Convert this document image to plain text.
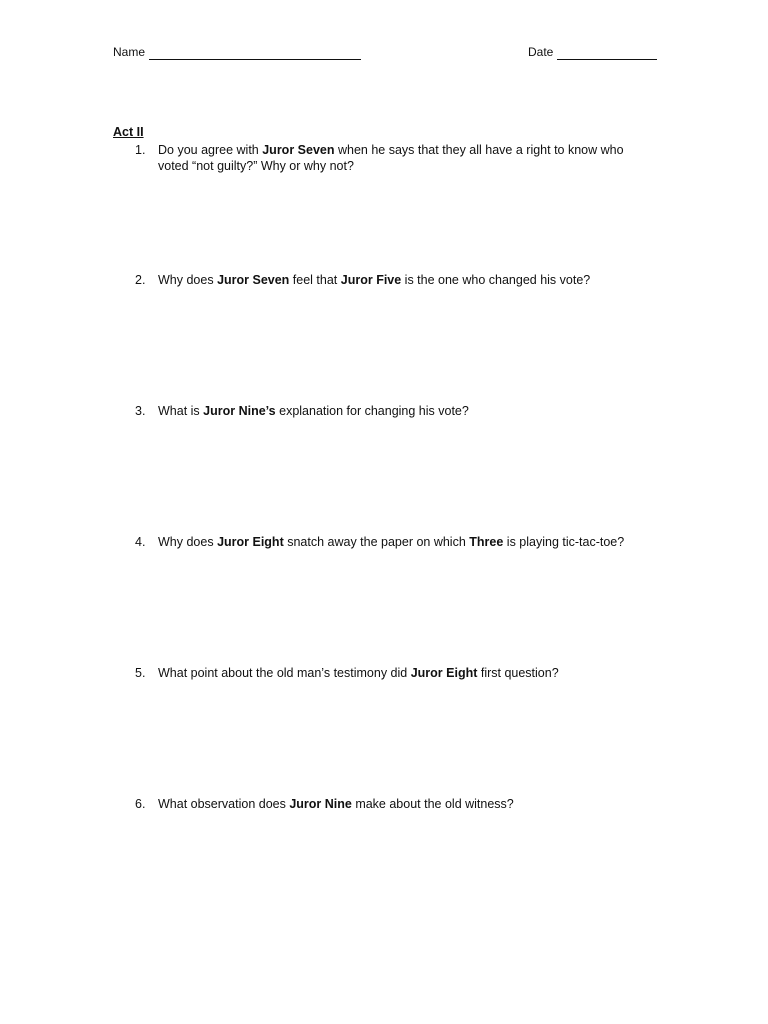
Name	Date
Act II
1.	Do you agree with Juror Seven when he says that they all have a right to know who voted “not guilty?” Why or why not?
2.	Why does Juror Seven feel that Juror Five is the one who changed his vote?
3.	What is Juror Nine’s explanation for changing his vote?
4.	Why does Juror Eight snatch away the paper on which Three is playing tic-tac-toe?
5.	What point about the old man’s testimony did Juror Eight first question?
6.	What observation does Juror Nine make about the old witness?
